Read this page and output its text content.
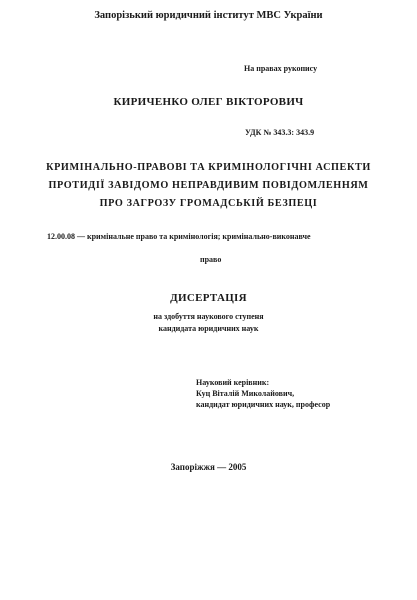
Запорізький юридичний інститут МВС України
На правах рукопису
КИРИЧЕНКО ОЛЕГ ВІКТОРОВИЧ
УДК № 343.3: 343.9
КРИМІНАЛЬНО-ПРАВОВІ ТА КРИМІНОЛОГІЧНІ АСПЕКТИ
ПРОТИДІЇ ЗАВІДОМО НЕПРАВДИВИМ ПОВІДОМЛЕННЯМ
ПРО ЗАГРОЗУ ГРОМАДСЬКІЙ БЕЗПЕЦІ
12.00.08 — кримінальне право та кримінологія; кримінально-виконавче
право
ДИСЕРТАЦІЯ
на здобуття наукового ступеня
кандидата юридичних наук
Науковий керівник:
Куц Віталій Миколайович,
кандидат юридичних наук, професор
Запоріжжя — 2005
